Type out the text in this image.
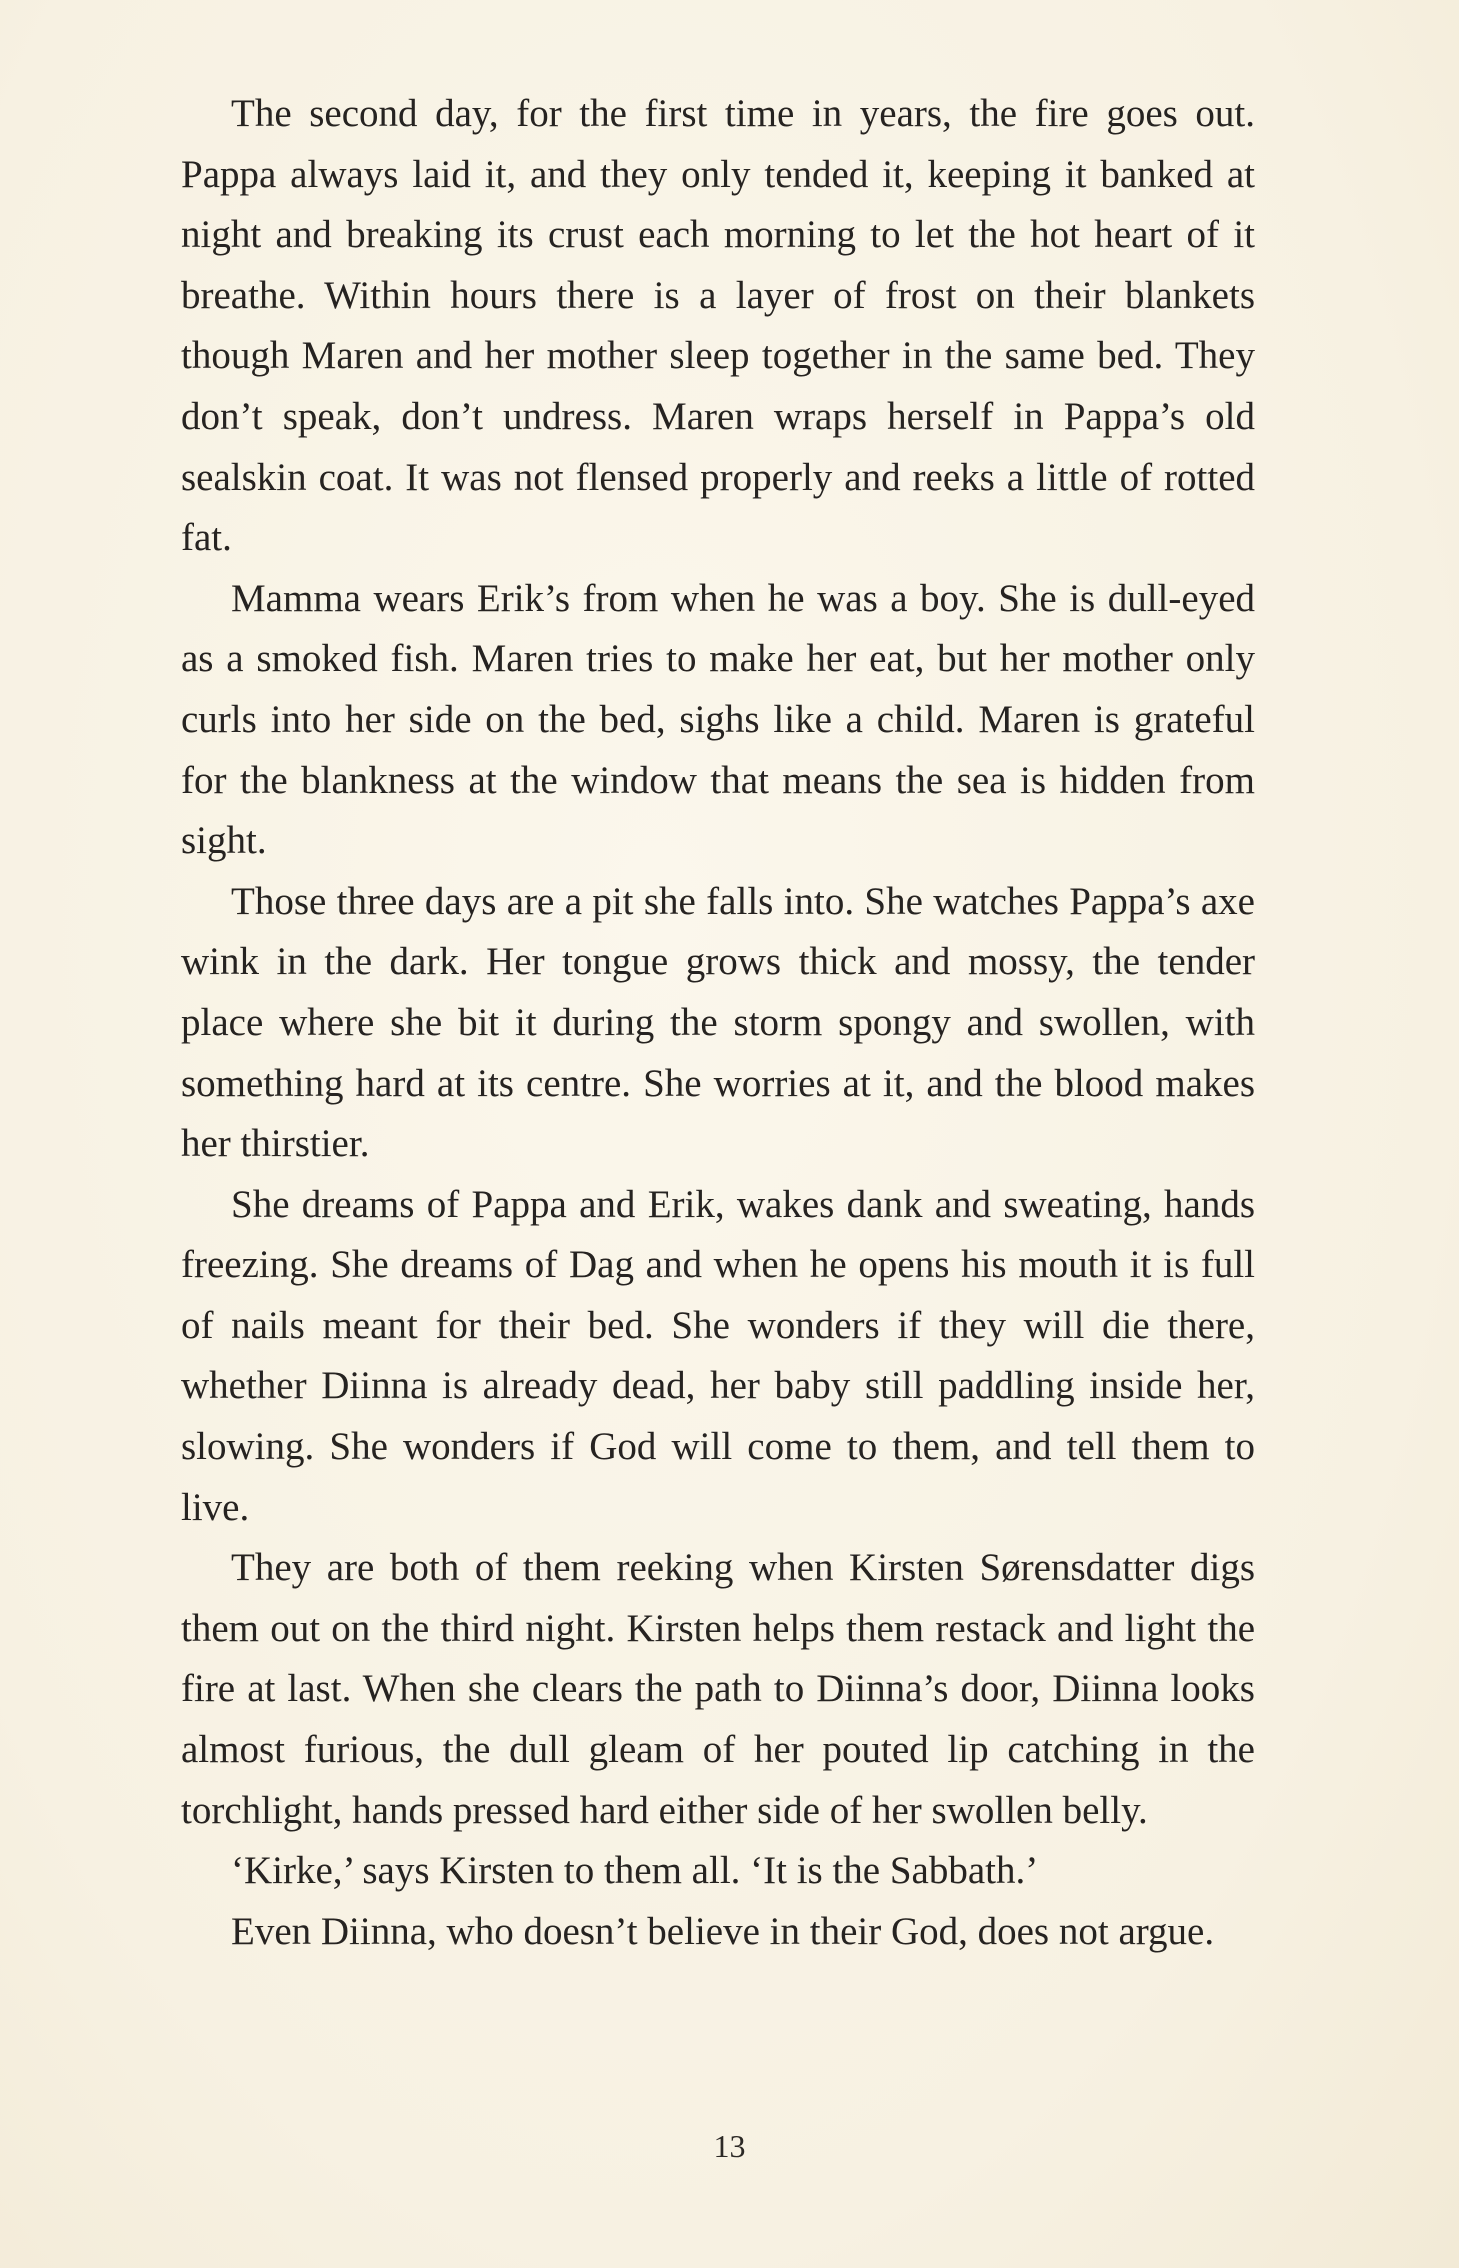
The second day, for the first time in years, the fire goes out. Pappa always laid it, and they only tended it, keeping it banked at night and breaking its crust each morning to let the hot heart of it breathe. Within hours there is a layer of frost on their blankets though Maren and her mother sleep together in the same bed. They don’t speak, don’t undress. Maren wraps herself in Pappa’s old sealskin coat. It was not flensed properly and reeks a little of rotted fat.

Mamma wears Erik’s from when he was a boy. She is dull-eyed as a smoked fish. Maren tries to make her eat, but her mother only curls into her side on the bed, sighs like a child. Maren is grateful for the blankness at the window that means the sea is hidden from sight.

Those three days are a pit she falls into. She watches Pappa’s axe wink in the dark. Her tongue grows thick and mossy, the tender place where she bit it during the storm spongy and swollen, with something hard at its centre. She worries at it, and the blood makes her thirstier.

She dreams of Pappa and Erik, wakes dank and sweating, hands freezing. She dreams of Dag and when he opens his mouth it is full of nails meant for their bed. She wonders if they will die there, whether Diinna is already dead, her baby still paddling inside her, slowing. She wonders if God will come to them, and tell them to live.

They are both of them reeking when Kirsten Sørensdatter digs them out on the third night. Kirsten helps them restack and light the fire at last. When she clears the path to Diinna’s door, Diinna looks almost furious, the dull gleam of her pouted lip catching in the torchlight, hands pressed hard either side of her swollen belly.

‘Kirke,’ says Kirsten to them all. ‘It is the Sabbath.’

Even Diinna, who doesn’t believe in their God, does not argue.

13
